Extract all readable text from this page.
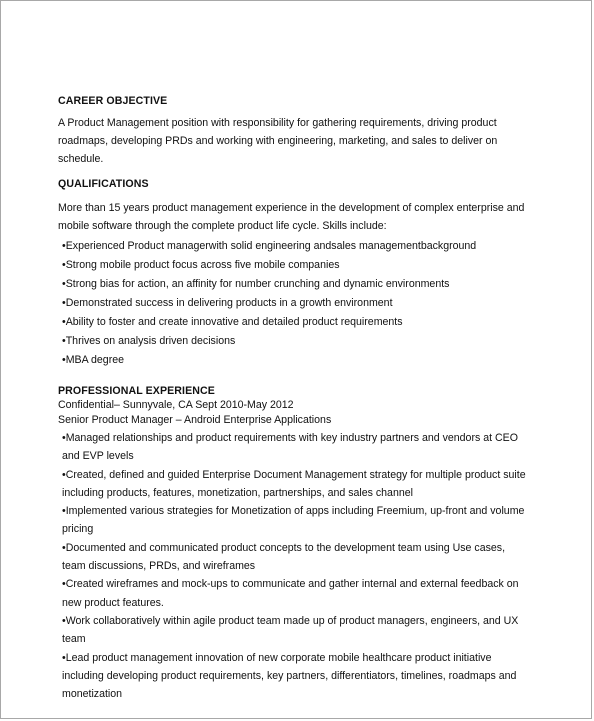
CAREER OBJECTIVE

A Product Management position with responsibility for gathering requirements, driving product roadmaps, developing PRDs and working with engineering, marketing, and sales to deliver on schedule.

QUALIFICATIONS

More than 15 years product management experience in the development of complex enterprise and mobile software through the complete product life cycle. Skills include:

•Experienced Product managerwith solid engineering andsales managementbackground
•Strong mobile product focus across five mobile companies
•Strong bias for action, an affinity for number crunching and dynamic environments
•Demonstrated success in delivering products in a growth environment
•Ability to foster and create innovative and detailed product requirements
•Thrives on analysis driven decisions
•MBA degree
PROFESSIONAL EXPERIENCE

Confidential– Sunnyvale, CA Sept 2010-May 2012

Senior Product Manager – Android Enterprise Applications

•Managed relationships and product requirements with key industry partners and vendors at CEO and EVP levels
•Created, defined and guided Enterprise Document Management strategy for multiple product suite including products, features, monetization, partnerships, and sales channel
•Implemented various strategies for Monetization of apps including Freemium, up-front and volume pricing
•Documented and communicated product concepts to the development team using Use cases, team discussions, PRDs, and wireframes
•Created wireframes and mock-ups to communicate and gather internal and external feedback on new product features.
•Work collaboratively within agile product team made up of product managers, engineers, and UX team
•Lead product management innovation of new corporate mobile healthcare product initiative including developing product requirements, key partners, differentiators, timelines, roadmaps and monetization
